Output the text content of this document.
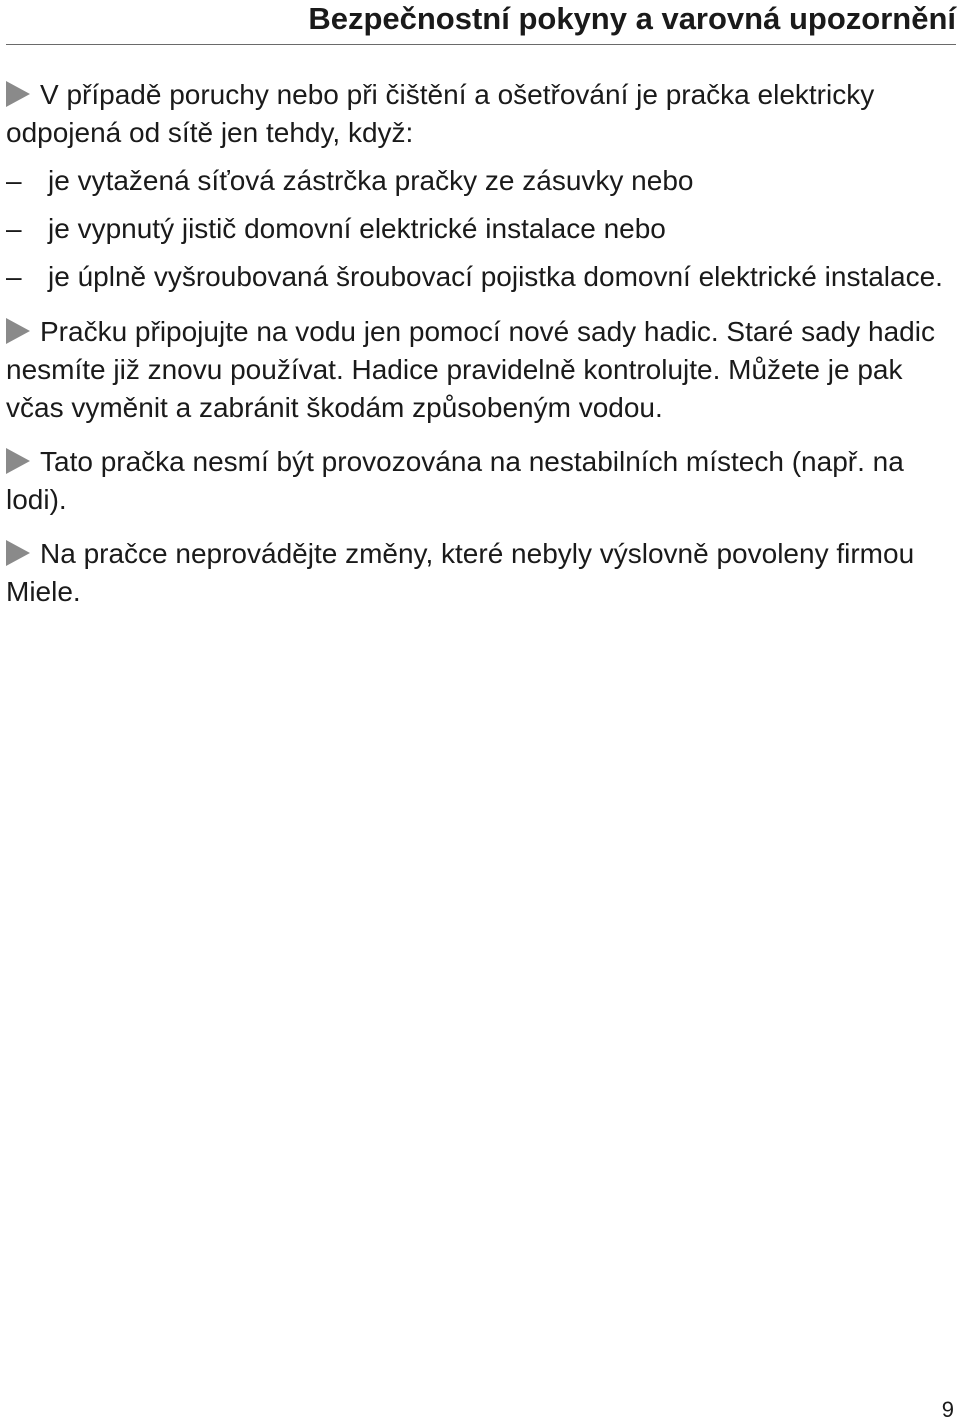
Bezpečnostní pokyny a varovná upozornění

V případě poruchy nebo při čištění a ošetřování je pračka elektricky odpojená od sítě jen tehdy, když:

– je vytažená síťová zástrčka pračky ze zásuvky nebo
– je vypnutý jistič domovní elektrické instalace nebo
– je úplně vyšroubovaná šroubovací pojistka domovní elektrické instalace.

Pračku připojujte na vodu jen pomocí nové sady hadic. Staré sady hadic nesmíte již znovu používat. Hadice pravidelně kontrolujte. Můžete je pak včas vyměnit a zabránit škodám způsobeným vodou.

Tato pračka nesmí být provozována na nestabilních místech (např. na lodi).

Na pračce neprovádějte změny, které nebyly výslovně povoleny firmou Miele.

9
